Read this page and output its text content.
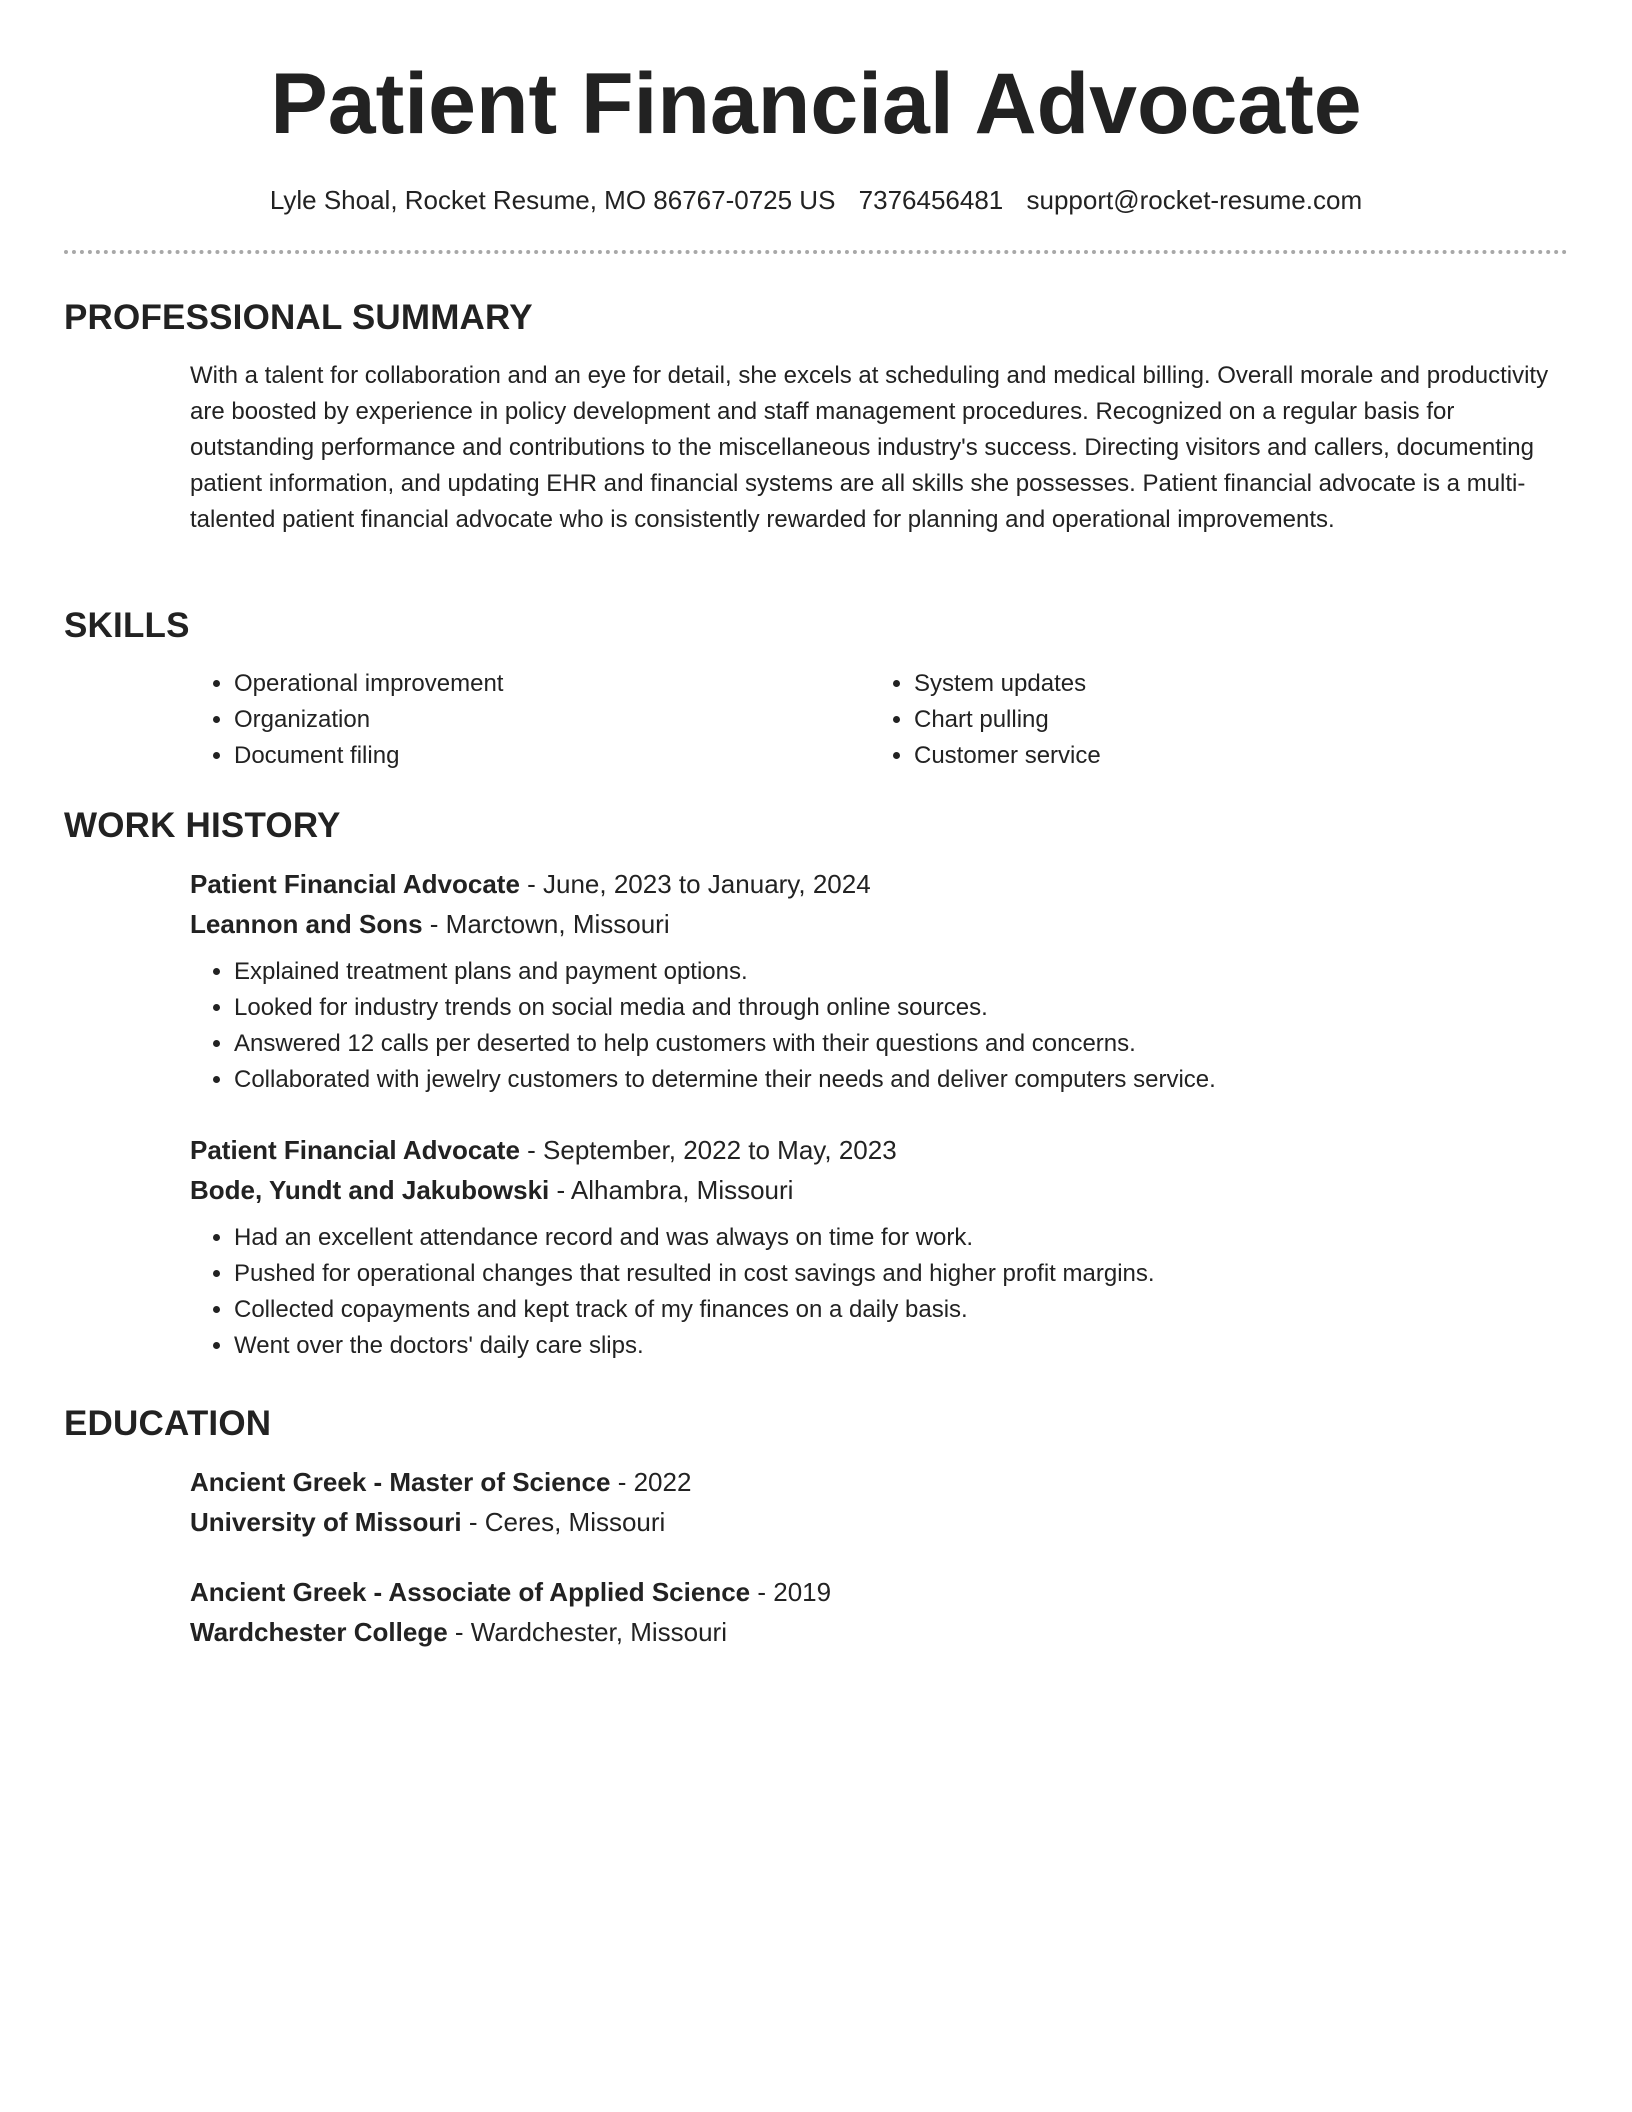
Patient Financial Advocate
Lyle Shoal, Rocket Resume, MO 86767-0725 US 7376456481 support@rocket-resume.com
PROFESSIONAL SUMMARY

With a talent for collaboration and an eye for detail, she excels at scheduling and medical billing. Overall morale and productivity are boosted by experience in policy development and staff management procedures. Recognized on a regular basis for outstanding performance and contributions to the miscellaneous industry's success. Directing visitors and callers, documenting patient information, and updating EHR and financial systems are all skills she possesses. Patient financial advocate is a multi-talented patient financial advocate who is consistently rewarded for planning and operational improvements.

SKILLS
• Operational improvement
• Organization
• Document filing
• System updates
• Chart pulling
• Customer service
WORK HISTORY
Patient Financial Advocate - June, 2023 to January, 2024
Leannon and Sons - Marctown, Missouri
• Explained treatment plans and payment options.
• Looked for industry trends on social media and through online sources.
• Answered 12 calls per deserted to help customers with their questions and concerns.
• Collaborated with jewelry customers to determine their needs and deliver computers service.
Patient Financial Advocate - September, 2022 to May, 2023
Bode, Yundt and Jakubowski - Alhambra, Missouri
• Had an excellent attendance record and was always on time for work.
• Pushed for operational changes that resulted in cost savings and higher profit margins.
• Collected copayments and kept track of my finances on a daily basis.
• Went over the doctors' daily care slips.
EDUCATION
Ancient Greek - Master of Science - 2022
University of Missouri - Ceres, Missouri
Ancient Greek - Associate of Applied Science - 2019
Wardchester College - Wardchester, Missouri
